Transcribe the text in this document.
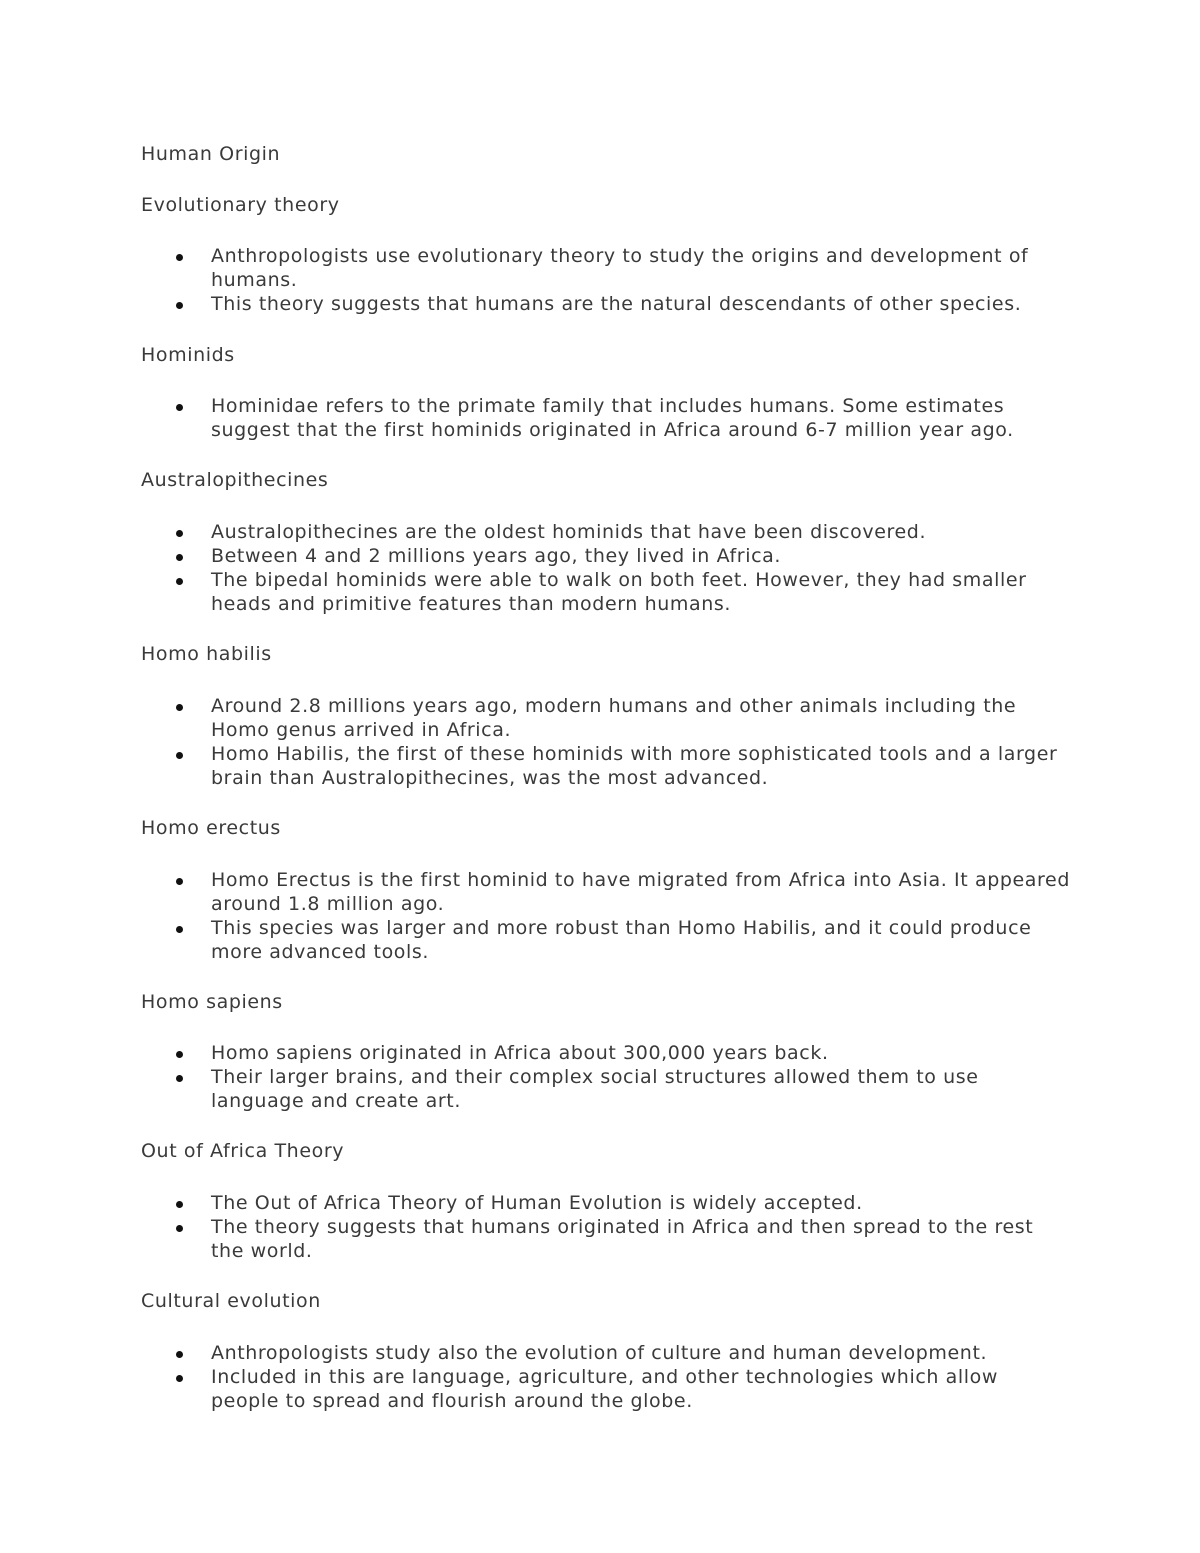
Human Origin
Evolutionary theory
Anthropologists use evolutionary theory to study the origins and development of humans.
This theory suggests that humans are the natural descendants of other species.
Hominids
Hominidae refers to the primate family that includes humans. Some estimates suggest that the first hominids originated in Africa around 6-7 million year ago.
Australopithecines
Australopithecines are the oldest hominids that have been discovered.
Between 4 and 2 millions years ago, they lived in Africa.
The bipedal hominids were able to walk on both feet. However, they had smaller heads and primitive features than modern humans.
Homo habilis
Around 2.8 millions years ago, modern humans and other animals including the Homo genus arrived in Africa.
Homo Habilis, the first of these hominids with more sophisticated tools and a larger brain than Australopithecines, was the most advanced.
Homo erectus
Homo Erectus is the first hominid to have migrated from Africa into Asia. It appeared around 1.8 million ago.
This species was larger and more robust than Homo Habilis, and it could produce more advanced tools.
Homo sapiens
Homo sapiens originated in Africa about 300,000 years back.
Their larger brains, and their complex social structures allowed them to use language and create art.
Out of Africa Theory
The Out of Africa Theory of Human Evolution is widely accepted.
The theory suggests that humans originated in Africa and then spread to the rest the world.
Cultural evolution
Anthropologists study also the evolution of culture and human development.
Included in this are language, agriculture, and other technologies which allow people to spread and flourish around the globe.
